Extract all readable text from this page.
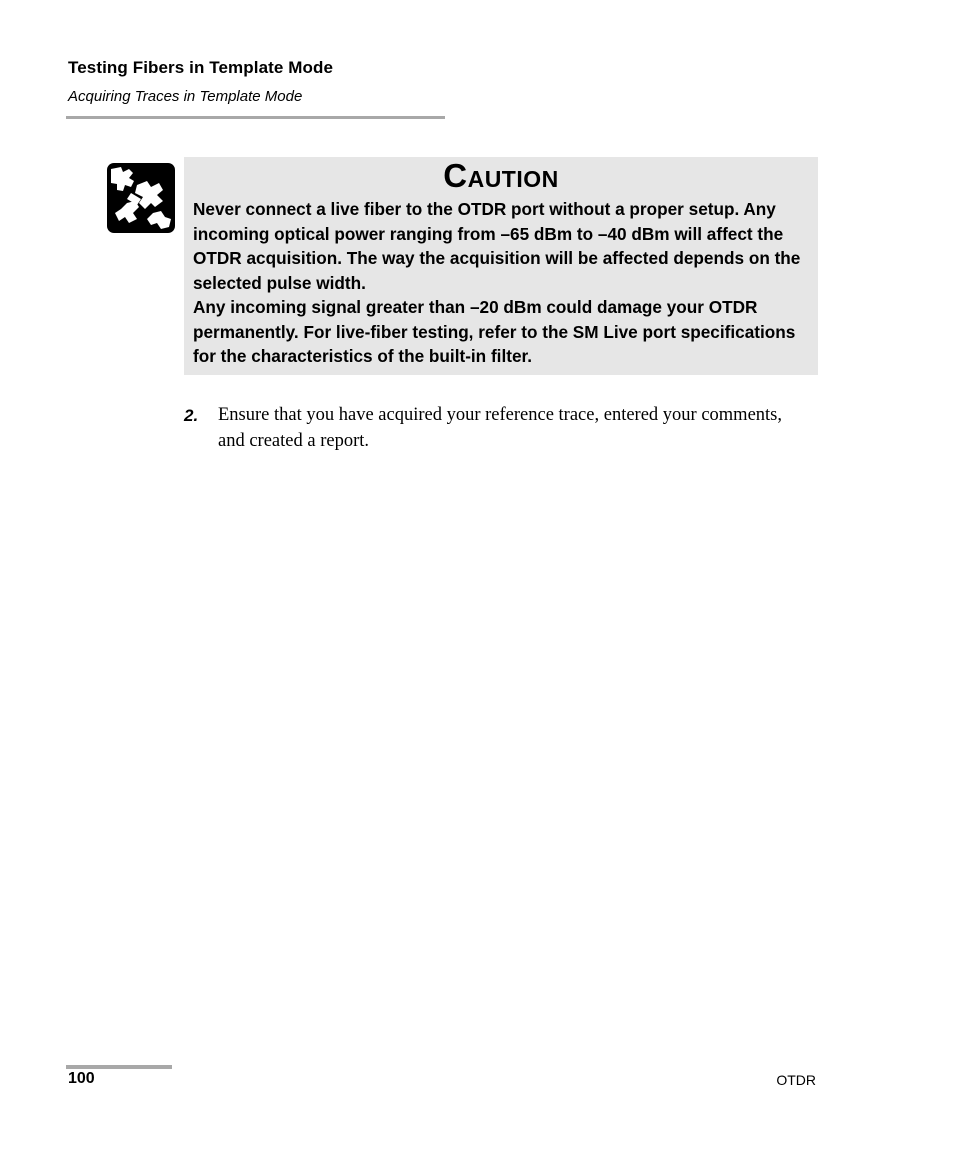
Testing Fibers in Template Mode
Acquiring Traces in Template Mode
Caution

Never connect a live fiber to the OTDR port without a proper setup. Any incoming optical power ranging from –65 dBm to –40 dBm will affect the OTDR acquisition. The way the acquisition will be affected depends on the selected pulse width.

Any incoming signal greater than –20 dBm could damage your OTDR permanently. For live-fiber testing, refer to the SM Live port specifications for the characteristics of the built-in filter.

2. Ensure that you have acquired your reference trace, entered your comments, and created a report.
100	OTDR
